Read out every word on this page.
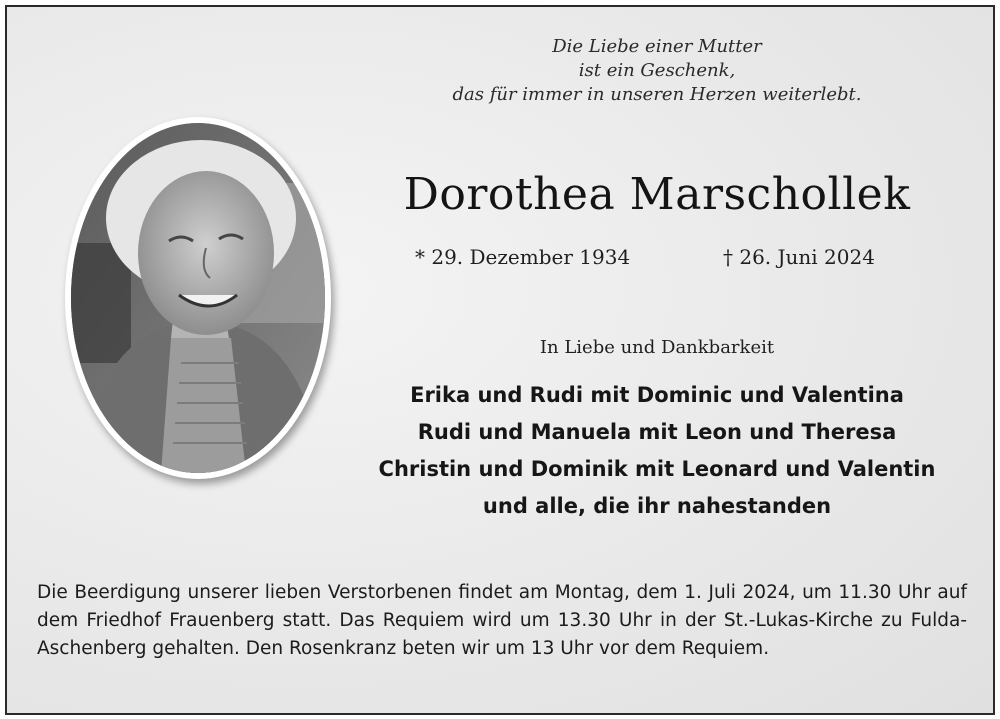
Die Liebe einer Mutter
ist ein Geschenk,
das für immer in unseren Herzen weiterlebt.
Dorothea Marschollek
* 29. Dezember 1934	† 26. Juni 2024
In Liebe und Dankbarkeit
Erika und Rudi mit Dominic und Valentina
Rudi und Manuela mit Leon und Theresa
Christin und Dominik mit Leonard und Valentin
und alle, die ihr nahestanden
Die Beerdigung unserer lieben Verstorbenen findet am Montag, dem 1. Juli 2024, um 11.30 Uhr auf dem Friedhof Frauenberg statt. Das Requiem wird um 13.30 Uhr in der St.-Lukas-Kirche zu Fulda-Aschenberg gehalten. Den Rosenkranz beten wir um 13 Uhr vor dem Requiem.
